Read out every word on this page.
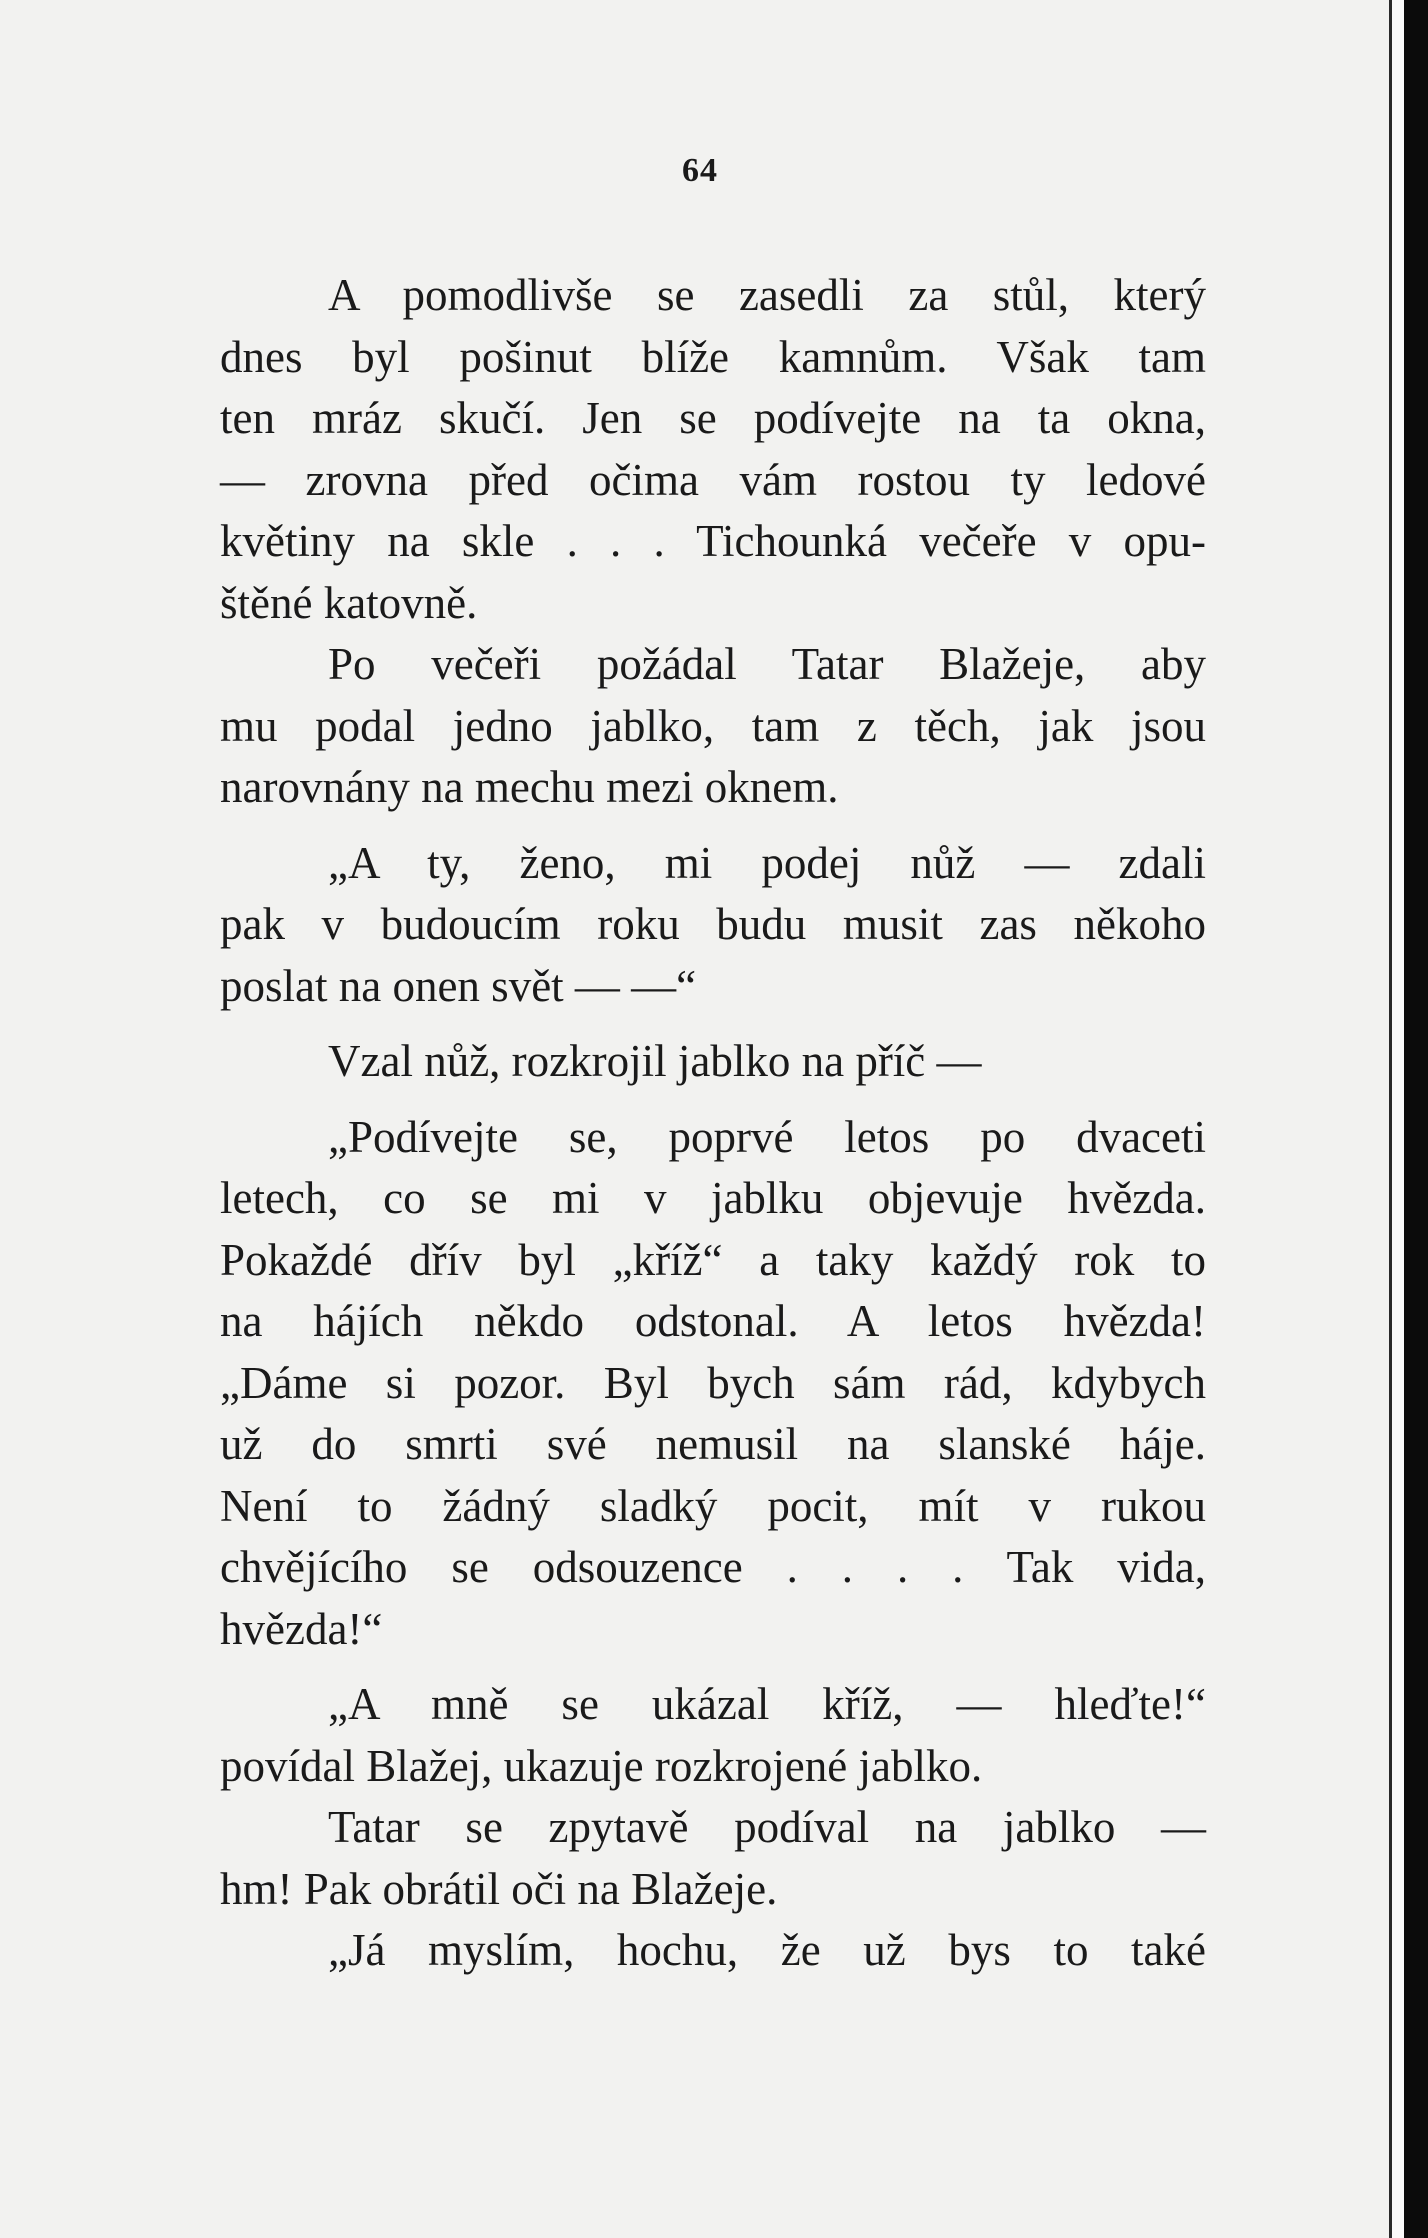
64
A pomodlivše se zasedli za stůl, který
dnes byl pošinut blíže kamnům. Však tam
ten mráz skučí. Jen se podívejte na ta okna,
— zrovna před očima vám rostou ty ledové
květiny na skle . . . Tichounká večeře v opu-
štěné katovně.
Po večeři požádal Tatar Blažeje, aby
mu podal jedno jablko, tam z těch, jak jsou
narovnány na mechu mezi oknem.
„A ty, ženo, mi podej nůž — zdali
pak v budoucím roku budu musit zas někoho
poslat na onen svět — —“
Vzal nůž, rozkrojil jablko na příč —
„Podívejte se, poprvé letos po dvaceti
letech, co se mi v jablku objevuje hvězda.
Pokaždé dřív byl „kříž“ a taky každý rok to
na hájích někdo odstonal. A letos hvězda!
„Dáme si pozor. Byl bych sám rád, kdybych
už do smrti své nemusil na slanské háje.
Není to žádný sladký pocit, mít v rukou
chvějícího se odsouzence . . . . Tak vida,
hvězda!“
„A mně se ukázal kříž, — hleďte!“
povídal Blažej, ukazuje rozkrojené jablko.
Tatar se zpytavě podíval na jablko —
hm! Pak obrátil oči na Blažeje.
„Já myslím, hochu, že už bys to také
